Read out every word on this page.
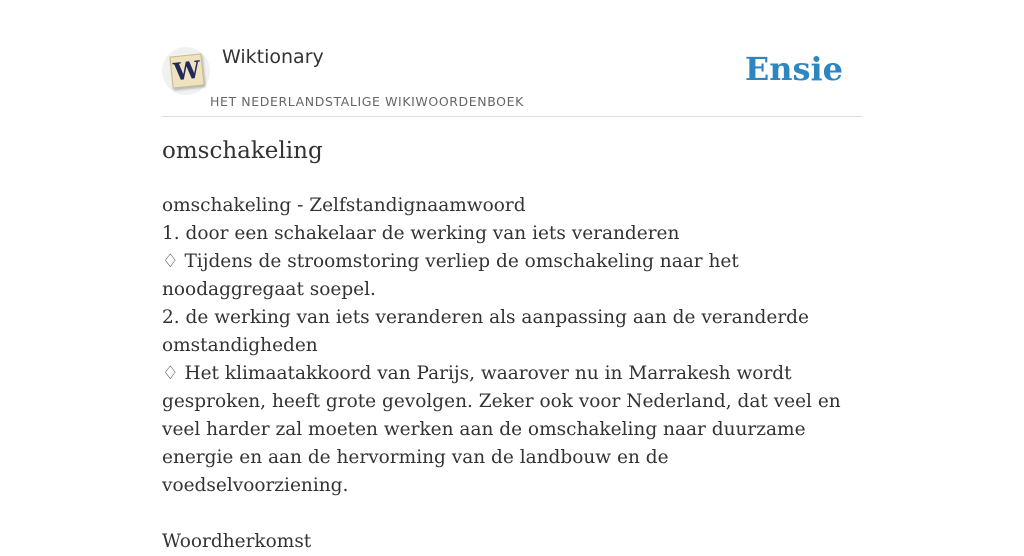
W Wiktionary
HET NEDERLANDSTALIGE WIKIWOORDENBOEK
Ensie
omschakeling

omschakeling - Zelfstandignaamwoord

1. door een schakelaar de werking van iets veranderen

♢ Tijdens de stroomstoring verliep de omschakeling naar het noodaggregaat soepel.

2. de werking van iets veranderen als aanpassing aan de veranderde omstandigheden

♢ Het klimaatakkoord van Parijs, waarover nu in Marrakesh wordt gesproken, heeft grote gevolgen. Zeker ook voor Nederland, dat veel en veel harder zal moeten werken aan de omschakeling naar duurzame energie en aan de hervorming van de landbouw en de voedselvoorziening.

Woordherkomst
